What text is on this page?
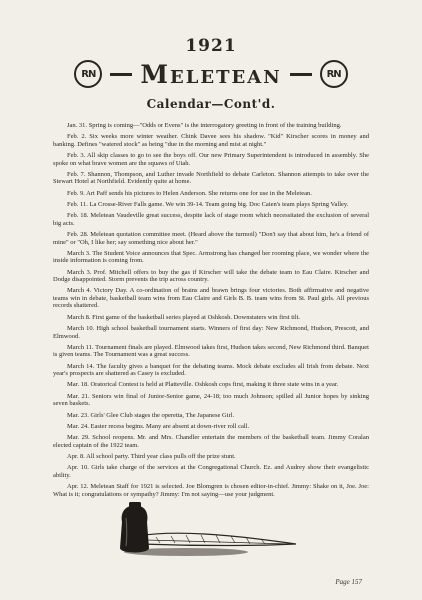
1921
RN Meletean	RN
Calendar—Cont'd.

Jan. 31. Spring is coming—"Odds or Evens" is the interrogatory greeting in front of the training building.

Feb. 2. Six weeks more winter weather. Chink Davee sees his shadow. "Kid" Kirscher scores in money and banking. Defines "watered stock" as being "due in the morning and mist at night."

Feb. 3. All skip classes to go to see the boys off. Our new Primary Superintendent is introduced in assembly. She spoke on what brave women are the squaws of Utah.

Feb. 7. Shannon, Thompson, and Luther invade Northfield to debate Carleton. Shannon attempts to take over the Stewart Hotel at Northfield. Evidently quite at home.

Feb. 9. Art Paff sends his pictures to Helen Anderson. She returns one for use in the Meletean.

Feb. 11. La Crosse-River Falls game. We win 39-14. Team going big. Doc Caien's team plays Spring Valley.

Feb. 18. Meletean Vaudeville great success, despite lack of stage room which necessitated the exclusion of several big acts.

Feb. 28. Meletean quotation committee meet. (Heard above the turmoil) "Don't say that about him, he's a friend of mine" or "Oh, I like her; say something nice about her."

March 3. The Student Voice announces that Spec. Armstrong has changed her rooming place, we wonder where the inside information is coming from.

March 3. Prof. Mitchell offers to buy the gas if Kirscher will take the debate team to Eau Claire. Kirscher and Dodge disappointed. Storm prevents the trip across country.

March 4. Victory Day. A co-ordination of brains and brawn brings four victories. Both affirmative and negative teams win in debate, basketball team wins from Eau Claire and Girls B. B. team wins from St. Paul girls. All previous records shattered.

March 8. First game of the basketball series played at Oshkosh. Downstaters win first tilt.

March 10. High school basketball tournament starts. Winners of first day: New Richmond, Hudson, Prescott, and Elmwood.

March 11. Tournament finals are played. Elmwood takes first, Hudson takes second, New Richmond third. Banquet is given teams. The Tournament was a great success.

March 14. The faculty gives a banquet for the debating teams. Mock debate excludes all Irish from debate. Next year's prospects are shattered as Casey is excluded.

Mar. 18. Oratorical Contest is held at Platteville. Oshkosh cops first, making it three state wins in a year.

Mar. 21. Seniors win final of Junior-Senior game, 24-18; too much Johnson; spilled all Junior hopes by sinking seven baskets.

Mar. 23. Girls' Glee Club stages the operetta, The Japanese Girl.

Mar. 24. Easter recess begins. Many are absent at down-river roll call.

Mar. 29. School reopens. Mr. and Mrs. Chandler entertain the members of the basketball team. Jimmy Coralan elected captain of the 1922 team.

Apr. 8. All school party. Third year class pulls off the prize stunt.

Apr. 10. Girls take charge of the services at the Congregational Church. Ez. and Audrey show their evangelistic ability.

Apr. 12. Meletean Staff for 1921 is selected. Joe Blomgren is chosen editor-in-chief. Jimmy: Shake on it, Joe. Joe: What is it; congratulations or sympathy? Jimmy: I'm not saying—use your judgment.

Page 157
